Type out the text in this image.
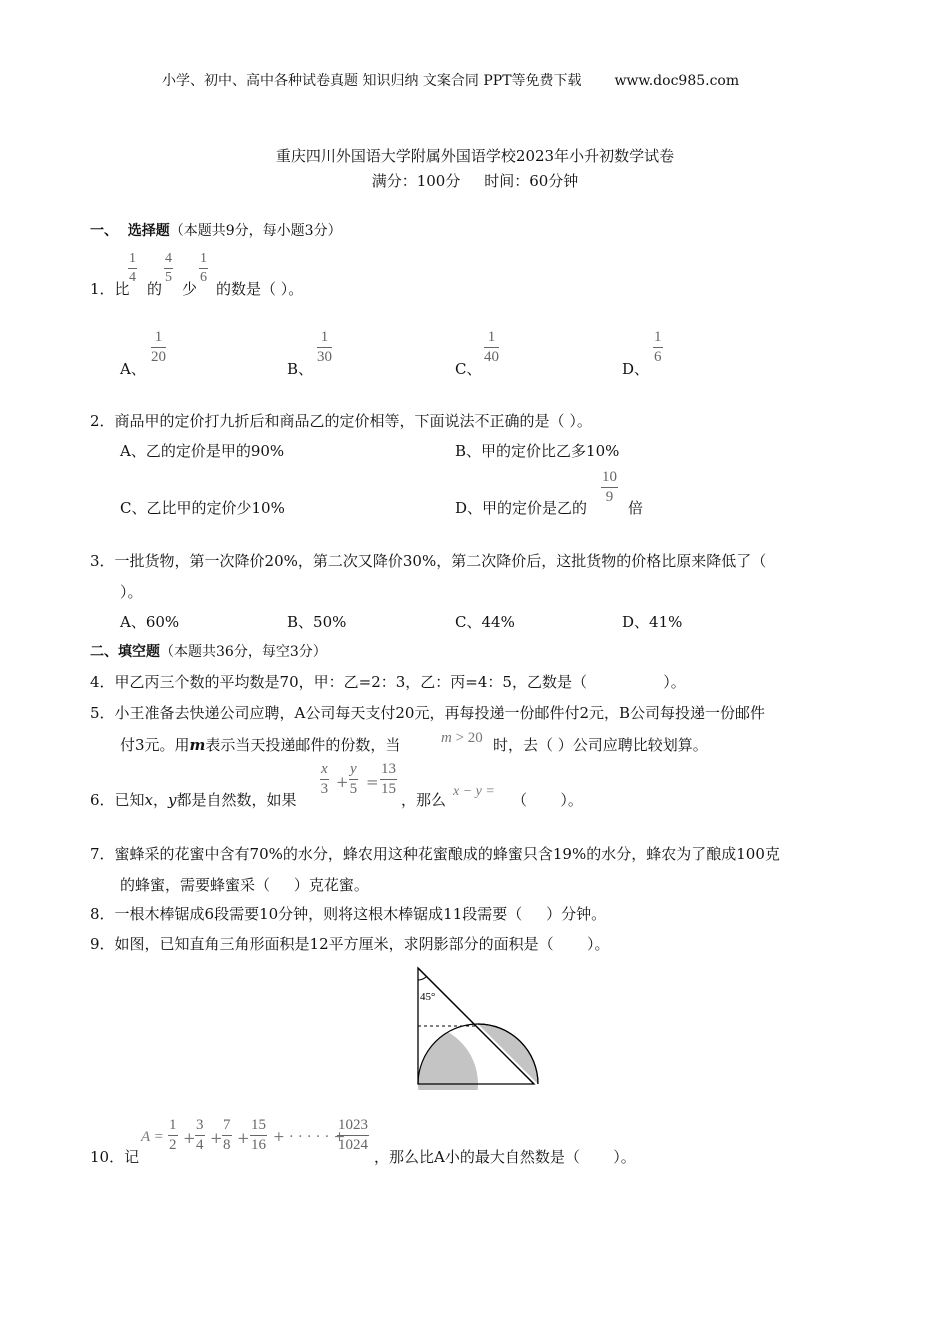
小学、初中、高中各种试卷真题 知识归纳 文案合同 PPT等免费下载 www.doc985.com
重庆四川外国语大学附属外国语学校2023年小升初数学试卷
满分：100分     时间：60分钟
一、  选择题（本题共9分，每小题3分）
1．比
$\frac{1}{4}$
的
$\frac{4}{5}$
少
$\frac{1}{6}$
的数是（ ）。
A、
$\frac{1}{20}$
B、
$\frac{1}{30}$
C、
$\frac{1}{40}$
D、
$\frac{1}{6}$
2．商品甲的定价打九折后和商品乙的定价相等，下面说法不正确的是（ ）。
A、乙的定价是甲的90%	B、甲的定价比乙多10%
C、乙比甲的定价少10%	D、甲的定价是乙的
$\frac{10}{9}$
倍
3．一批货物，第一次降价20%，第二次又降价30%，第二次降价后，这批货物的价格比原来降低了（
）。
A、60%	B、50%	C、44%	D、41%
二、填空题（本题共36分，每空3分）
4．甲乙丙三个数的平均数是70，甲：乙=2：3，乙：丙=4：5，乙数是（                ）。
5．小王准备去快递公司应聘，A公司每天支付20元，再每投递一份邮件付2元，B公司每投递一份邮件
付3元。用m表示当天投递邮件的份数，当	m > 20 时，去（ ）公司应聘比较划算。
6．已知x，y都是自然数，如果
$\frac{x}{3} + \frac{y}{5} = \frac{13}{15}$
，那么 x − y = （       ）。
7．蜜蜂采的花蜜中含有70%的水分，蜂农用这种花蜜酿成的蜂蜜只含19%的水分，蜂农为了酿成100克
的蜂蜜，需要蜂蜜采（     ）克花蜜。
8．一根木棒锯成6段需要10分钟，则将这根木棒锯成11段需要（     ）分钟。
9．如图，已知直角三角形面积是12平方厘米，求阴影部分的面积是（       ）。
45°
10．记
$A = \frac{1}{2} + \frac{3}{4} + \frac{7}{8} + \frac{15}{16}$ + · · · · · +
$\frac{1023}{1024}$
，那么比A小的最大自然数是（       ）。
